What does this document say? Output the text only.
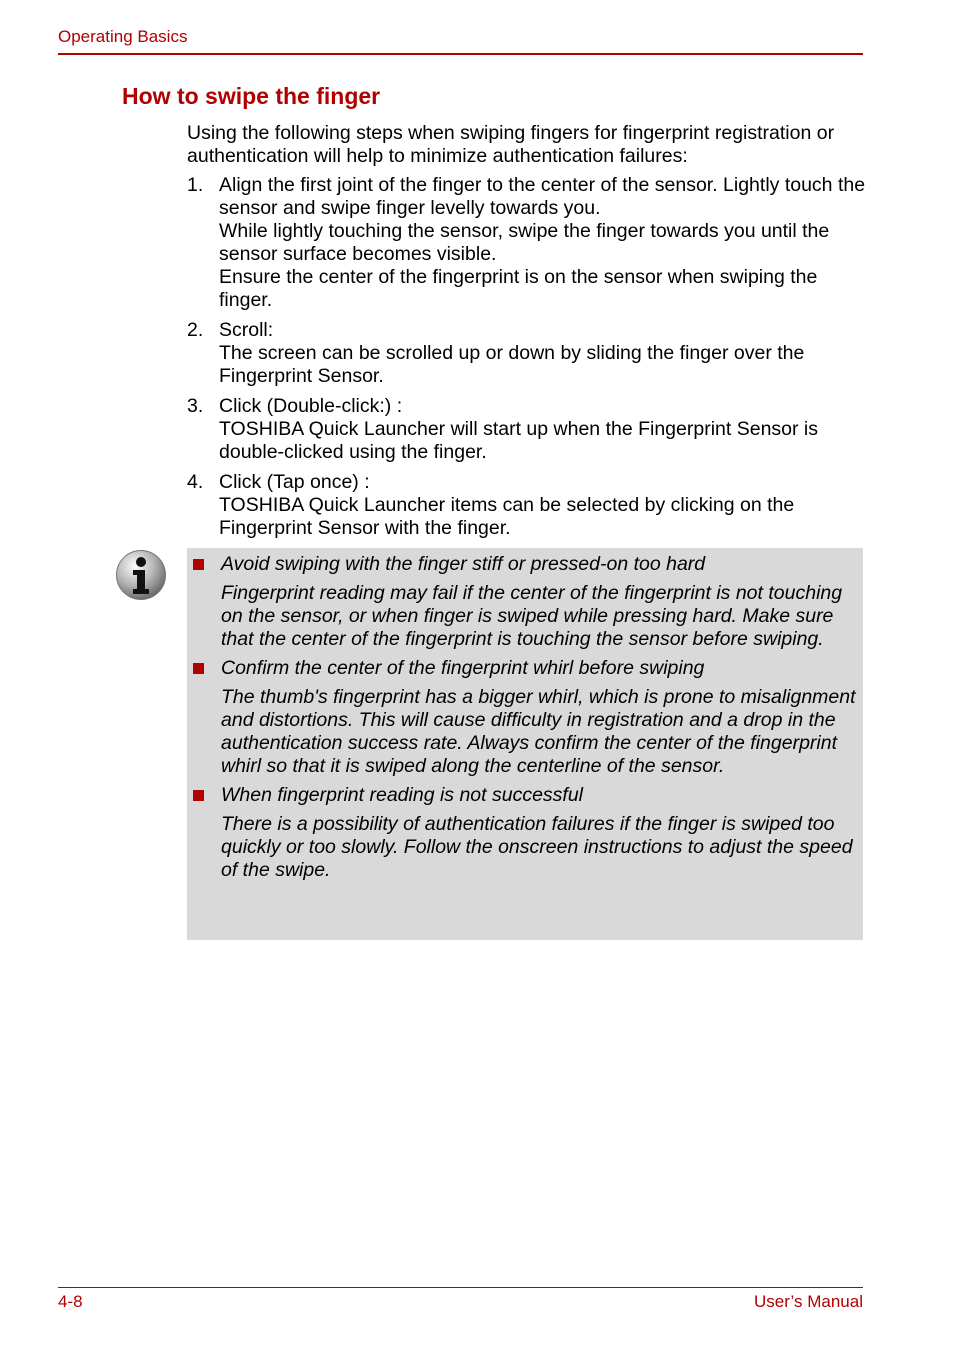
Operating Basics
How to swipe the finger
Using the following steps when swiping fingers for fingerprint registration or authentication will help to minimize authentication failures:
1. Align the first joint of the finger to the center of the sensor. Lightly touch the sensor and swipe finger levelly towards you.
While lightly touching the sensor, swipe the finger towards you until the sensor surface becomes visible.
Ensure the center of the fingerprint is on the sensor when swiping the finger.
2. Scroll:
The screen can be scrolled up or down by sliding the finger over the Fingerprint Sensor.
3. Click (Double-click:) :
TOSHIBA Quick Launcher will start up when the Fingerprint Sensor is double-clicked using the finger.
4. Click (Tap once) :
TOSHIBA Quick Launcher items can be selected by clicking on the Fingerprint Sensor with the finger.
Avoid swiping with the finger stiff or pressed-on too hard
Fingerprint reading may fail if the center of the fingerprint is not touching on the sensor, or when finger is swiped while pressing hard. Make sure that the center of the fingerprint is touching the sensor before swiping.
Confirm the center of the fingerprint whirl before swiping
The thumb's fingerprint has a bigger whirl, which is prone to misalignment and distortions. This will cause difficulty in registration and a drop in the authentication success rate. Always confirm the center of the fingerprint whirl so that it is swiped along the centerline of the sensor.
When fingerprint reading is not successful
There is a possibility of authentication failures if the finger is swiped too quickly or too slowly. Follow the onscreen instructions to adjust the speed of the swipe.
4-8	User’s Manual
